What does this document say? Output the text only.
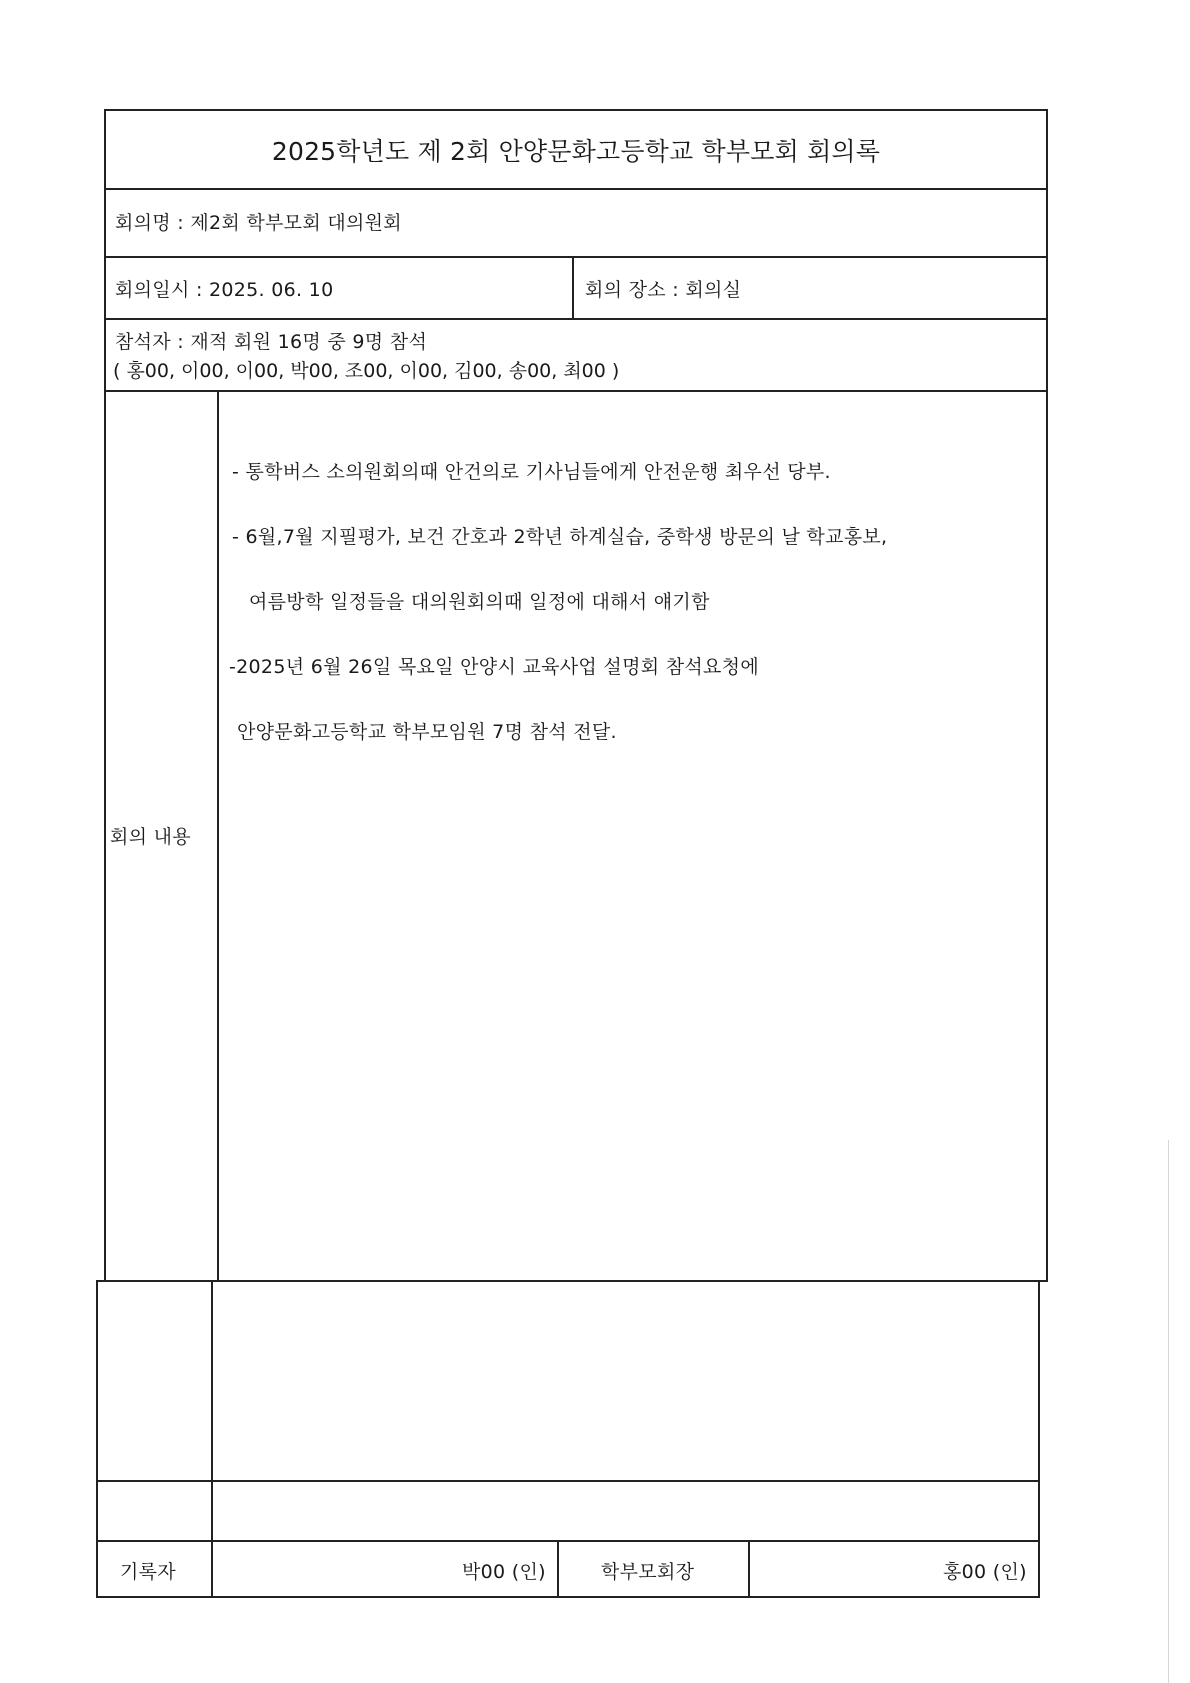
2025학년도 제 2회 안양문화고등학교 학부모회 회의록
회의명 : 제2회 학부모회 대의원회
회의일시 : 2025. 06. 10	회의 장소 : 회의실
참석자 : 재적 회원 16명 중 9명 참석
( 홍00, 이00, 이00, 박00, 조00, 이00, 김00, 송00, 최00 )
회의 내용
- 통학버스 소의원회의때 안건의로 기사님들에게 안전운행 최우선 당부.
- 6월,7월 지필평가, 보건 간호과 2학년 하계실습, 중학생 방문의 날 학교홍보,
여름방학 일정들을 대의원회의때 일정에 대해서 얘기함
-2025년 6월 26일 목요일 안양시 교육사업 설명회 참석요청에
안양문화고등학교 학부모임원 7명 참석 전달.
기록자	박00 (인)	학부모회장	홍00 (인)
